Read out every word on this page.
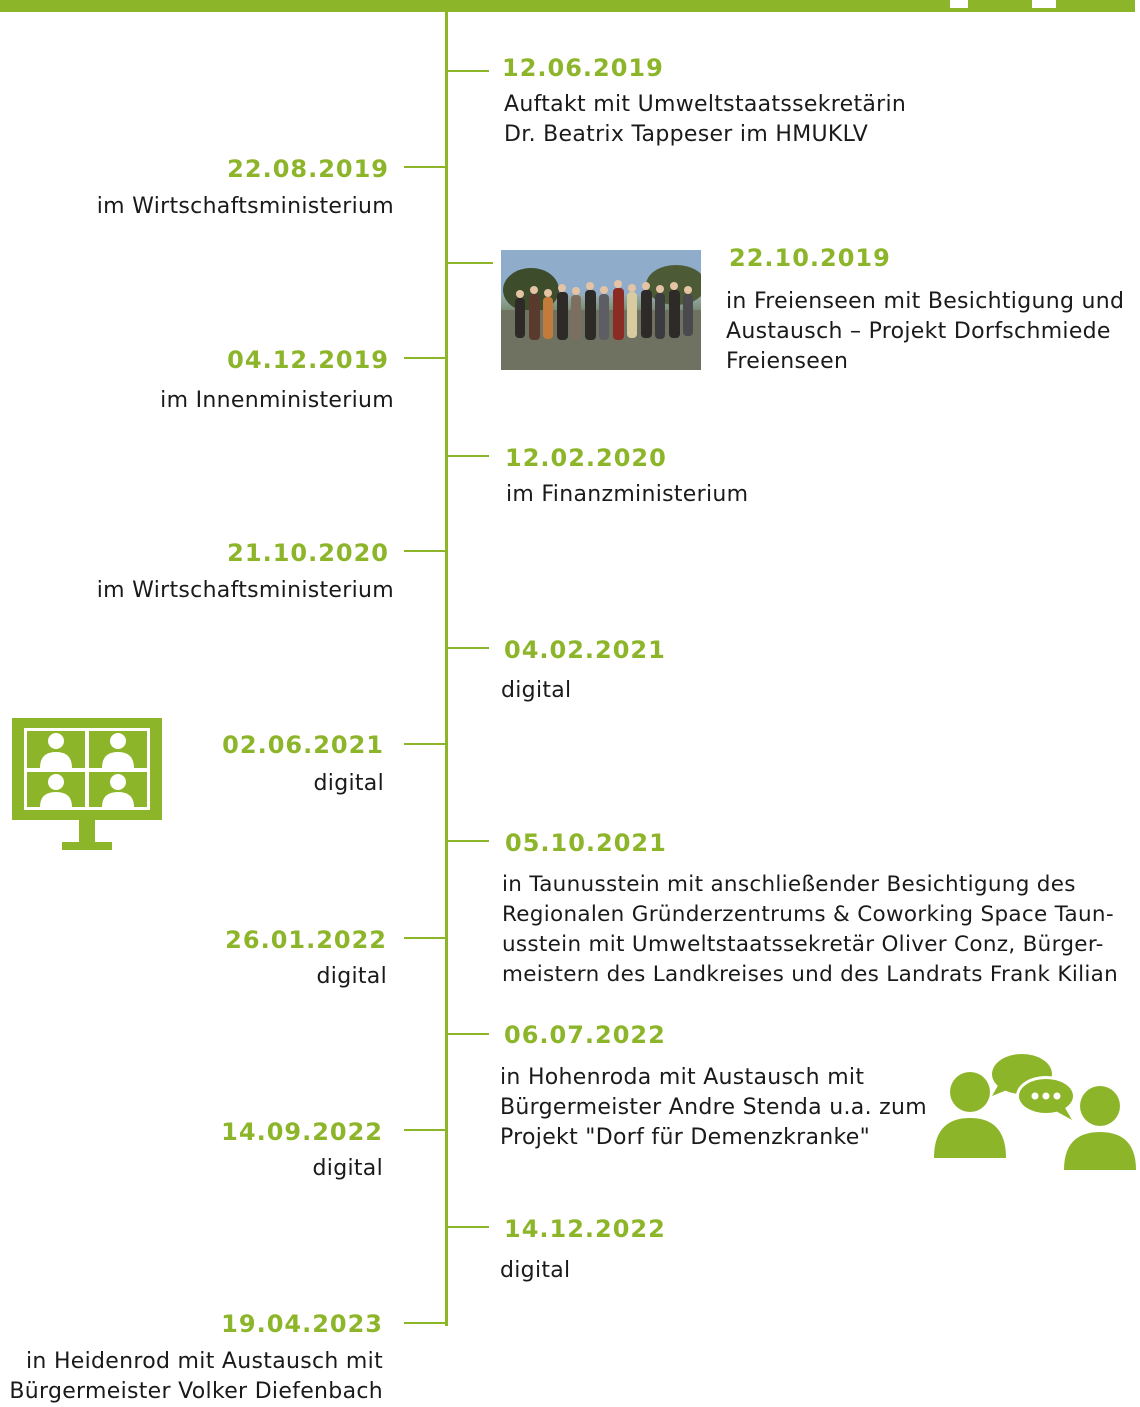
12.06.2019
Auftakt mit Umweltstaatssekretärin
Dr. Beatrix Tappeser im HMUKLV
22.08.2019
im Wirtschaftsministerium
22.10.2019
in Freienseen mit Besichtigung und
Austausch – Projekt Dorfschmiede
Freienseen
04.12.2019
im Innenministerium
12.02.2020
im Finanzministerium
21.10.2020
im Wirtschaftsministerium
04.02.2021
digital
02.06.2021
digital
05.10.2021
in Taunusstein mit anschließender Besichtigung des
Regionalen Gründerzentrums & Coworking Space Taun-
usstein mit Umweltstaatssekretär Oliver Conz, Bürger-
meistern des Landkreises und des Landrats Frank Kilian
26.01.2022
digital
06.07.2022
in Hohenroda mit Austausch mit
Bürgermeister Andre Stenda u.a. zum
Projekt "Dorf für Demenzkranke"
14.09.2022
digital
14.12.2022
digital
19.04.2023
in Heidenrod mit Austausch mit
Bürgermeister Volker Diefenbach
